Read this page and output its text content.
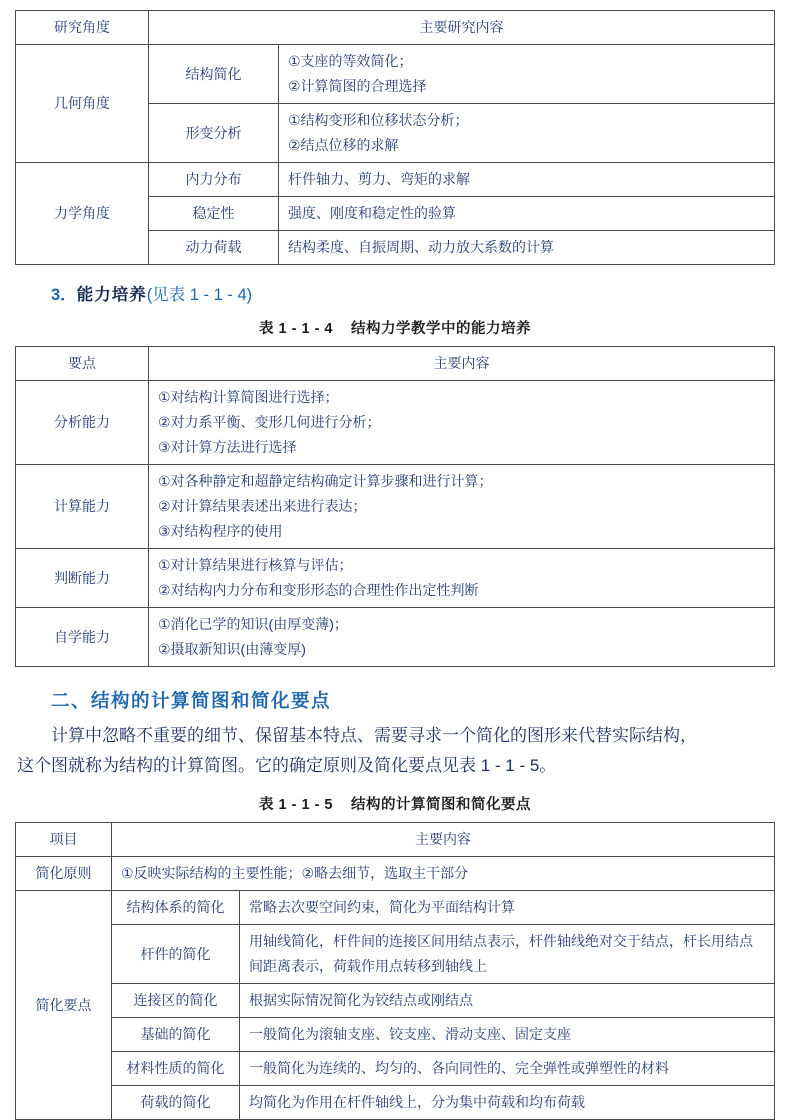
研究角度	主要研究内容	
几何角度	结构简化	①支座的等效简化；
②计算简图的合理选择
	形变分析	①结构变形和位移状态分析；
②结点位移的求解
力学角度	内力分布	杆件轴力、剪力、弯矩的求解
	稳定性	强度、刚度和稳定性的验算
	动力荷载	结构柔度、自振周期、动力放大系数的计算
3．能力培养(见表 1 - 1 - 4)
表 1 - 1 - 4 结构力学教学中的能力培养
要点	主要内容
分析能力	①对结构计算简图进行选择；
②对力系平衡、变形几何进行分析；
③对计算方法进行选择
计算能力	①对各种静定和超静定结构确定计算步骤和进行计算；
②对计算结果表述出来进行表达；
③对结构程序的使用
判断能力	①对计算结果进行核算与评估；
②对结构内力分布和变形形态的合理性作出定性判断
自学能力	①消化已学的知识(由厚变薄)；
②摄取新知识(由薄变厚)
二、结构的计算简图和简化要点
计算中忽略不重要的细节、保留基本特点、需要寻求一个简化的图形来代替实际结构，
这个图就称为结构的计算简图。它的确定原则及简化要点见表 1 - 1 - 5。
表 1 - 1 - 5 结构的计算简图和简化要点
项目	主要内容	
简化原则	①反映实际结构的主要性能；②略去细节，选取主干部分	
简化要点	结构体系的简化	常略去次要空间约束，简化为平面结构计算
	杆件的简化	用轴线简化，杆件间的连接区间用结点表示，杆件轴线绝对交于结点，杆长用结点间距离表示，荷载作用点转移到轴线上
	连接区的简化	根据实际情况简化为铰结点或刚结点
	基础的简化	一般简化为滚轴支座、铰支座、滑动支座、固定支座
	材料性质的简化	一般简化为连续的、均匀的、各向同性的、完全弹性或弹塑性的材料
	荷载的简化	均简化为作用在杆件轴线上，分为集中荷载和均布荷载
